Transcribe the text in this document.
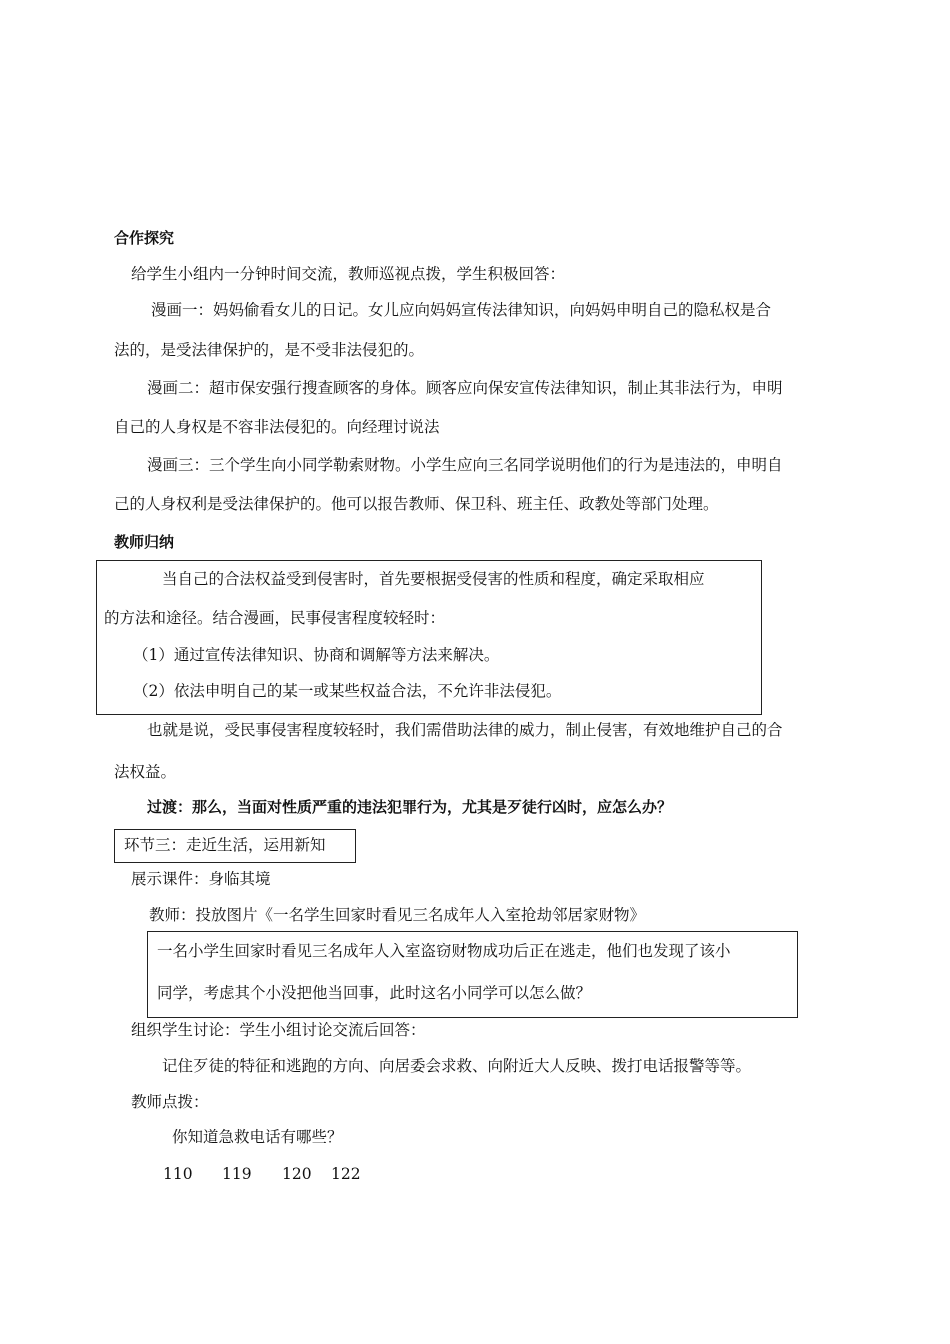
合作探究
给学生小组内一分钟时间交流，教师巡视点拨，学生积极回答：
漫画一：妈妈偷看女儿的日记。女儿应向妈妈宣传法律知识，向妈妈申明自己的隐私权是合
法的，是受法律保护的，是不受非法侵犯的。
漫画二：超市保安强行搜查顾客的身体。顾客应向保安宣传法律知识，制止其非法行为，申明
自己的人身权是不容非法侵犯的。向经理讨说法
漫画三：三个学生向小同学勒索财物。小学生应向三名同学说明他们的行为是违法的，申明自
己的人身权利是受法律保护的。他可以报告教师、保卫科、班主任、政教处等部门处理。
教师归纳
当自己的合法权益受到侵害时，首先要根据受侵害的性质和程度，确定采取相应
的方法和途径。结合漫画，民事侵害程度较轻时：
（1）通过宣传法律知识、协商和调解等方法来解决。
（2）依法申明自己的某一或某些权益合法，不允许非法侵犯。
也就是说，受民事侵害程度较轻时，我们需借助法律的威力，制止侵害，有效地维护自己的合
法权益。
过渡：那么，当面对性质严重的违法犯罪行为，尤其是歹徒行凶时，应怎么办？
环节三：走近生活，运用新知
展示课件：身临其境
教师：投放图片《一名学生回家时看见三名成年人入室抢劫邻居家财物》
一名小学生回家时看见三名成年人入室盗窃财物成功后正在逃走，他们也发现了该小
同学，考虑其个小没把他当回事，此时这名小同学可以怎么做？
组织学生讨论：学生小组讨论交流后回答：
记住歹徒的特征和逃跑的方向、向居委会求救、向附近大人反映、拨打电话报警等等。
教师点拨：
你知道急救电话有哪些？
110 119 120 122
